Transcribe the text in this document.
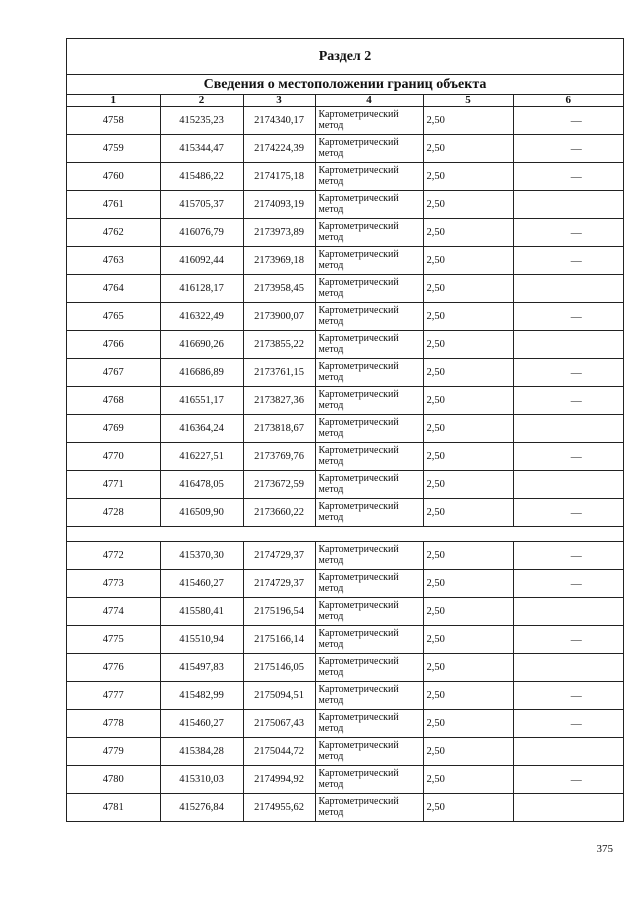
Раздел 2
Сведения о местоположении границ объекта
1	2	3	4	5	6
4758	415235,23	2174340,17	Картометрический метод	2,50	—
4759	415344,47	2174224,39	Картометрический метод	2,50	—
4760	415486,22	2174175,18	Картометрический метод	2,50	—
4761	415705,37	2174093,19	Картометрический метод	2,50	
4762	416076,79	2173973,89	Картометрический метод	2,50	—
4763	416092,44	2173969,18	Картометрический метод	2,50	—
4764	416128,17	2173958,45	Картометрический метод	2,50	
4765	416322,49	2173900,07	Картометрический метод	2,50	—
4766	416690,26	2173855,22	Картометрический метод	2,50	
4767	416686,89	2173761,15	Картометрический метод	2,50	—
4768	416551,17	2173827,36	Картометрический метод	2,50	—
4769	416364,24	2173818,67	Картометрический метод	2,50	
4770	416227,51	2173769,76	Картометрический метод	2,50	—
4771	416478,05	2173672,59	Картометрический метод	2,50	
4728	416509,90	2173660,22	Картометрический метод	2,50	—

4772	415370,30	2174729,37	Картометрический метод	2,50	—
4773	415460,27	2174729,37	Картометрический метод	2,50	—
4774	415580,41	2175196,54	Картометрический метод	2,50	
4775	415510,94	2175166,14	Картометрический метод	2,50	—
4776	415497,83	2175146,05	Картометрический метод	2,50	
4777	415482,99	2175094,51	Картометрический метод	2,50	—
4778	415460,27	2175067,43	Картометрический метод	2,50	—
4779	415384,28	2175044,72	Картометрический метод	2,50	
4780	415310,03	2174994,92	Картометрический метод	2,50	—
4781	415276,84	2174955,62	Картометрический метод	2,50	
375
